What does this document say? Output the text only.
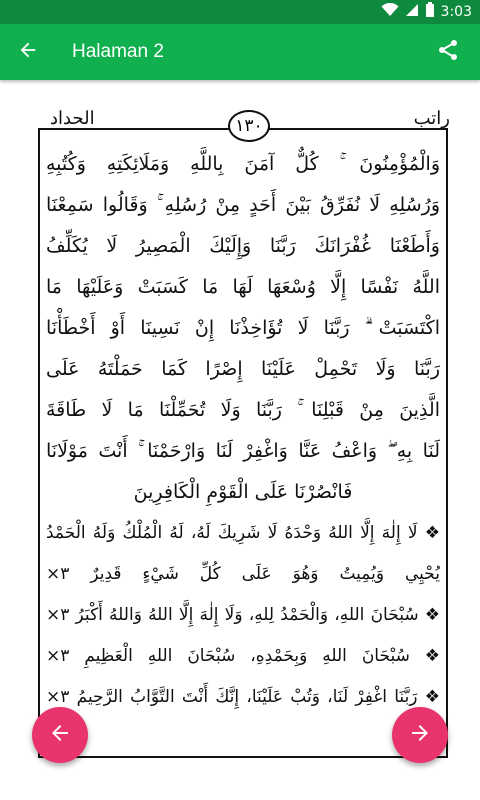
3:03
Halaman 2
الحداد	راتب
١٣٠
وَالْمُؤْمِنُونَ ۚ كُلٌّ آمَنَ بِاللَّهِ وَمَلَائِكَتِهِ وَكُتُبِهِ
وَرُسُلِهِ لَا نُفَرِّقُ بَيْنَ أَحَدٍ مِنْ رُسُلِهِ ۚ وَقَالُوا سَمِعْنَا
وَأَطَعْنَا غُفْرَانَكَ رَبَّنَا وَإِلَيْكَ الْمَصِيرُ لَا يُكَلِّفُ
اللَّهُ نَفْسًا إِلَّا وُسْعَهَا لَهَا مَا كَسَبَتْ وَعَلَيْهَا مَا
اكْتَسَبَتْ ۗ رَبَّنَا لَا تُؤَاخِذْنَا إِنْ نَسِينَا أَوْ أَخْطَأْنَا
رَبَّنَا وَلَا تَحْمِلْ عَلَيْنَا إِصْرًا كَمَا حَمَلْتَهُ عَلَى
الَّذِينَ مِنْ قَبْلِنَا ۚ رَبَّنَا وَلَا تُحَمِّلْنَا مَا لَا طَاقَةَ
لَنَا بِهِ ۖ وَاعْفُ عَنَّا وَاغْفِرْ لَنَا وَارْحَمْنَا ۚ أَنْتَ مَوْلَانَا
فَانْصُرْنَا عَلَى الْقَوْمِ الْكَافِرِينَ
❖ لَا إِلٰهَ إِلَّا اللهُ وَحْدَهُ لَا شَرِيكَ لَهُ، لَهُ الْمُلْكُ وَلَهُ الْحَمْدُ
يُحْيِي وَيُمِيتُ وَهُوَ عَلَى كُلِّ شَيْءٍ قَدِيرٌ ٣×
❖ سُبْحَانَ اللهِ، وَالْحَمْدُ لِلهِ، وَلَا إِلٰهَ إِلَّا اللهُ وَاللهُ أَكْبَرُ ٣×
❖ سُبْحَانَ اللهِ وَبِحَمْدِهِ، سُبْحَانَ اللهِ الْعَظِيمِ ٣×
❖ رَبَّنَا اغْفِرْ لَنَا، وَتُبْ عَلَيْنَا، إِنَّكَ أَنْتَ التَّوَّابُ الرَّحِيمُ ٣×
